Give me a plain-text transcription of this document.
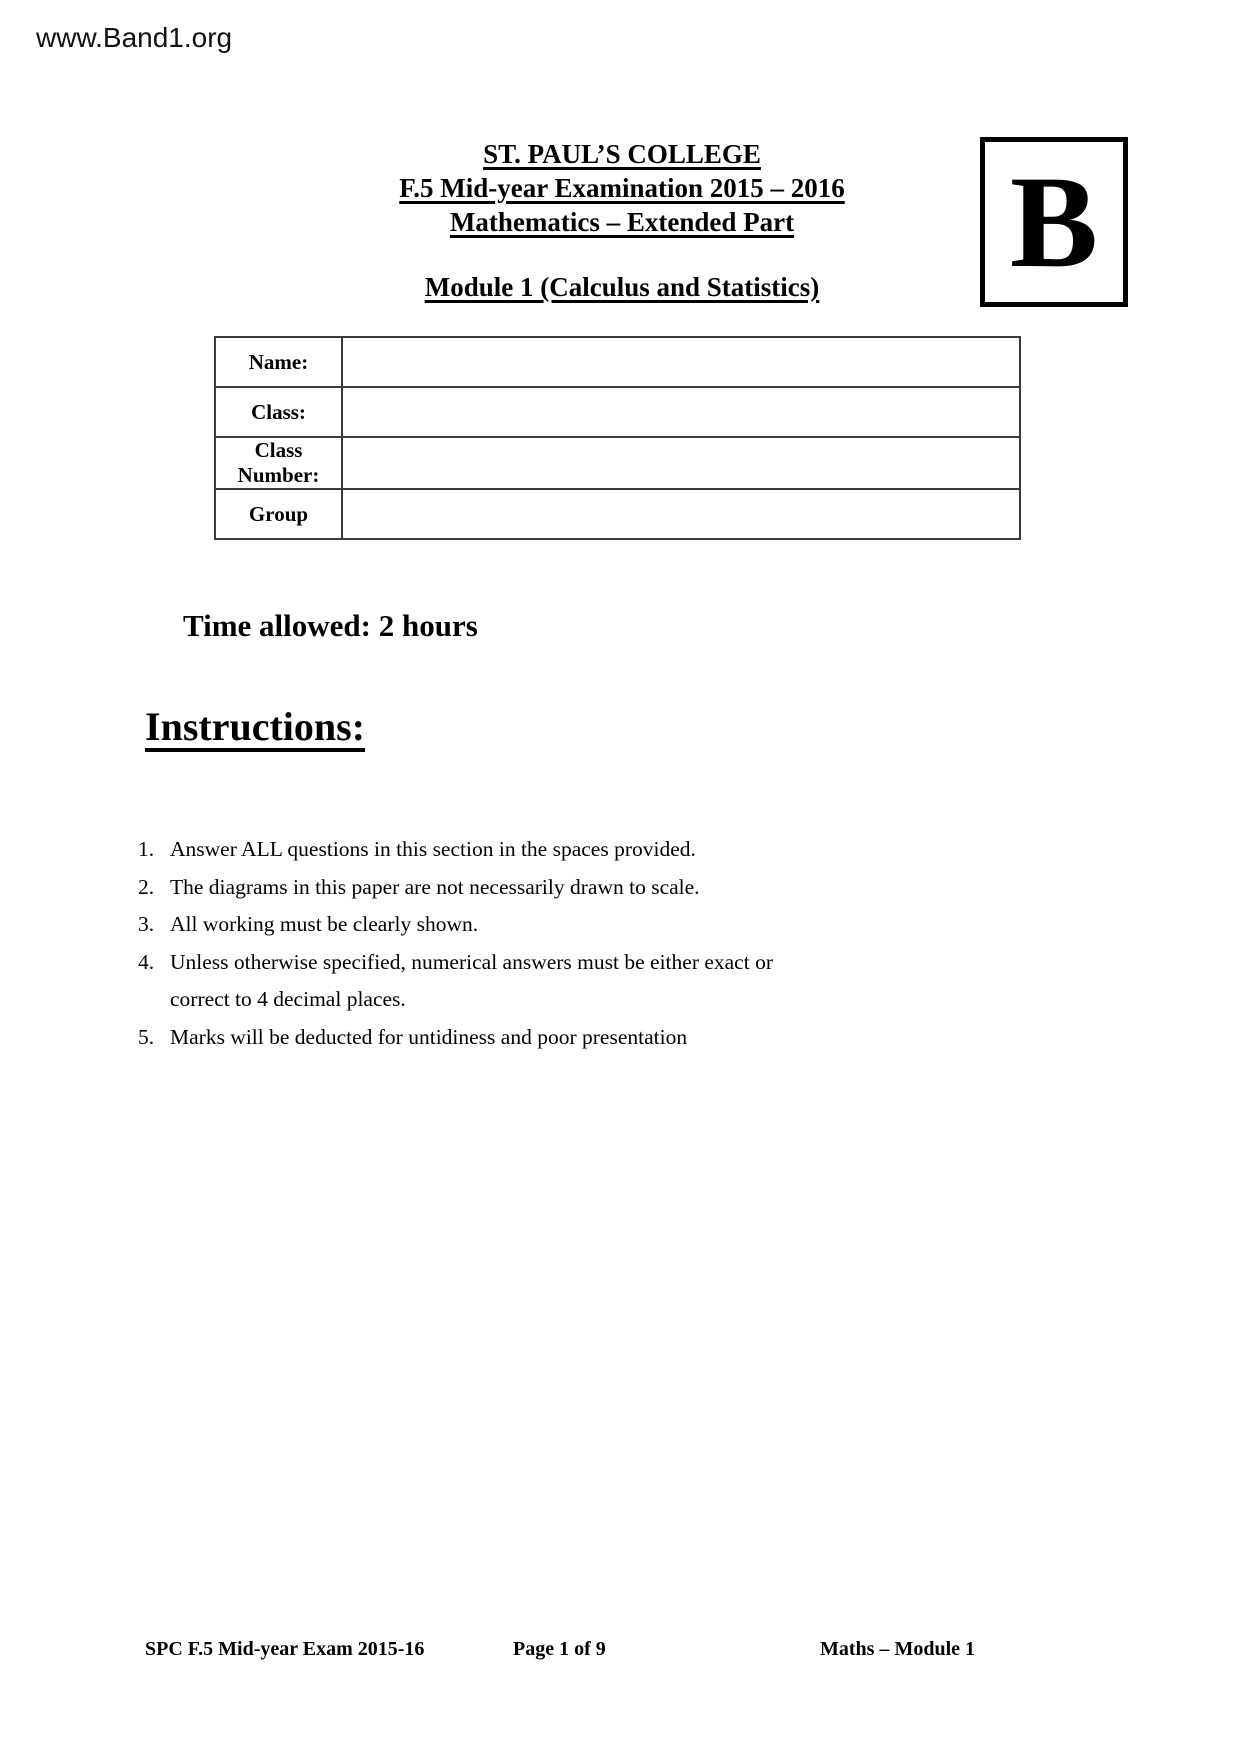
www.Band1.org
ST. PAUL’S COLLEGE
F.5 Mid-year Examination 2015 – 2016
Mathematics – Extended Part
Module 1 (Calculus and Statistics)	B
Name:	
Class:	
Class Number:	
Group	
Time allowed: 2 hours
Instructions:
1. Answer ALL questions in this section in the spaces provided.
2. The diagrams in this paper are not necessarily drawn to scale.
3. All working must be clearly shown.
4. Unless otherwise specified, numerical answers must be either exact or
correct to 4 decimal places.
5. Marks will be deducted for untidiness and poor presentation
SPC F.5 Mid-year Exam 2015-16	Page 1 of 9	Maths – Module 1
